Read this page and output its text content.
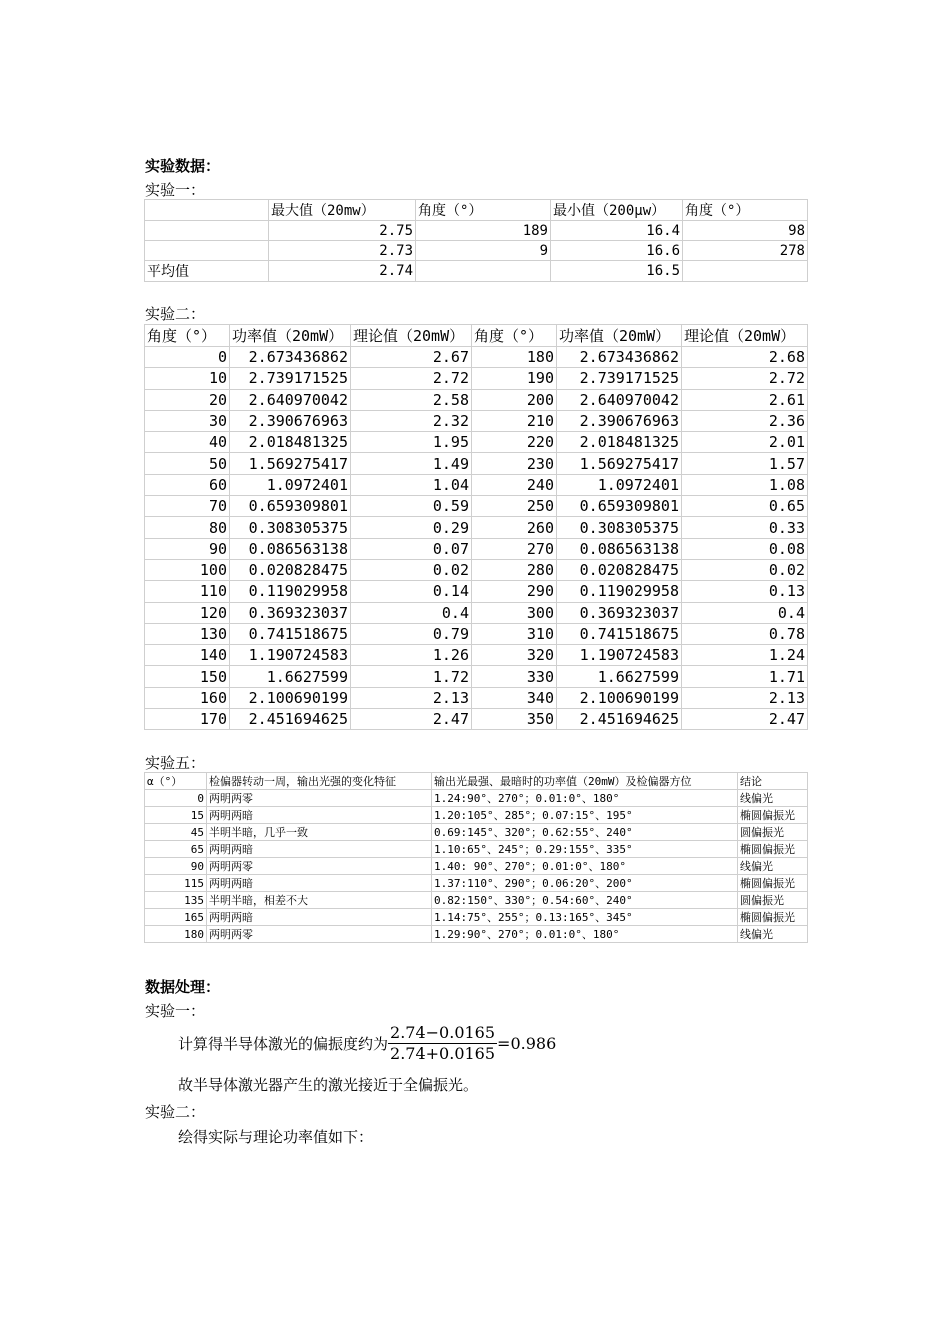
实验数据：
实验一：
	最大值（20mw）	角度（°）	最小值（200μw）	角度（°）
	2.75	189	16.4	98
	2.73	9	16.6	278
平均值	2.74		16.5	
实验二：
角度（°）	功率值（20mW）	理论值（20mW）	角度（°）	功率值（20mW）	理论值（20mW）
0	2.673436862	2.67	180	2.673436862	2.68
10	2.739171525	2.72	190	2.739171525	2.72
20	2.640970042	2.58	200	2.640970042	2.61
30	2.390676963	2.32	210	2.390676963	2.36
40	2.018481325	1.95	220	2.018481325	2.01
50	1.569275417	1.49	230	1.569275417	1.57
60	1.0972401	1.04	240	1.0972401	1.08
70	0.659309801	0.59	250	0.659309801	0.65
80	0.308305375	0.29	260	0.308305375	0.33
90	0.086563138	0.07	270	0.086563138	0.08
100	0.020828475	0.02	280	0.020828475	0.02
110	0.119029958	0.14	290	0.119029958	0.13
120	0.369323037	0.4	300	0.369323037	0.4
130	0.741518675	0.79	310	0.741518675	0.78
140	1.190724583	1.26	320	1.190724583	1.24
150	1.6627599	1.72	330	1.6627599	1.71
160	2.100690199	2.13	340	2.100690199	2.13
170	2.451694625	2.47	350	2.451694625	2.47
实验五：
α（°）	检偏器转动一周，输出光强的变化特征	输出光最强、最暗时的功率值（20mW）及检偏器方位	结论
0	两明两零	1.24:90°、270°；0.01:0°、180°	线偏光
15	两明两暗	1.20:105°、285°；0.07:15°、195°	椭圆偏振光
45	半明半暗，几乎一致	0.69:145°、320°；0.62:55°、240°	圆偏振光
65	两明两暗	1.10:65°、245°；0.29:155°、335°	椭圆偏振光
90	两明两零	1.40: 90°、270°；0.01:0°、180°	线偏光
115	两明两暗	1.37:110°、290°；0.06:20°、200°	椭圆偏振光
135	半明半暗，相差不大	0.82:150°、330°；0.54:60°、240°	圆偏振光
165	两明两暗	1.14:75°、255°；0.13:165°、345°	椭圆偏振光
180	两明两零	1.29:90°、270°；0.01:0°、180°	线偏光
数据处理：
实验一：
计算得半导体激光的偏振度约为 $\frac{2.74-0.0165}{2.74+0.0165} =0.986$
故半导体激光器产生的激光接近于全偏振光。
实验二：
绘得实际与理论功率值如下：
